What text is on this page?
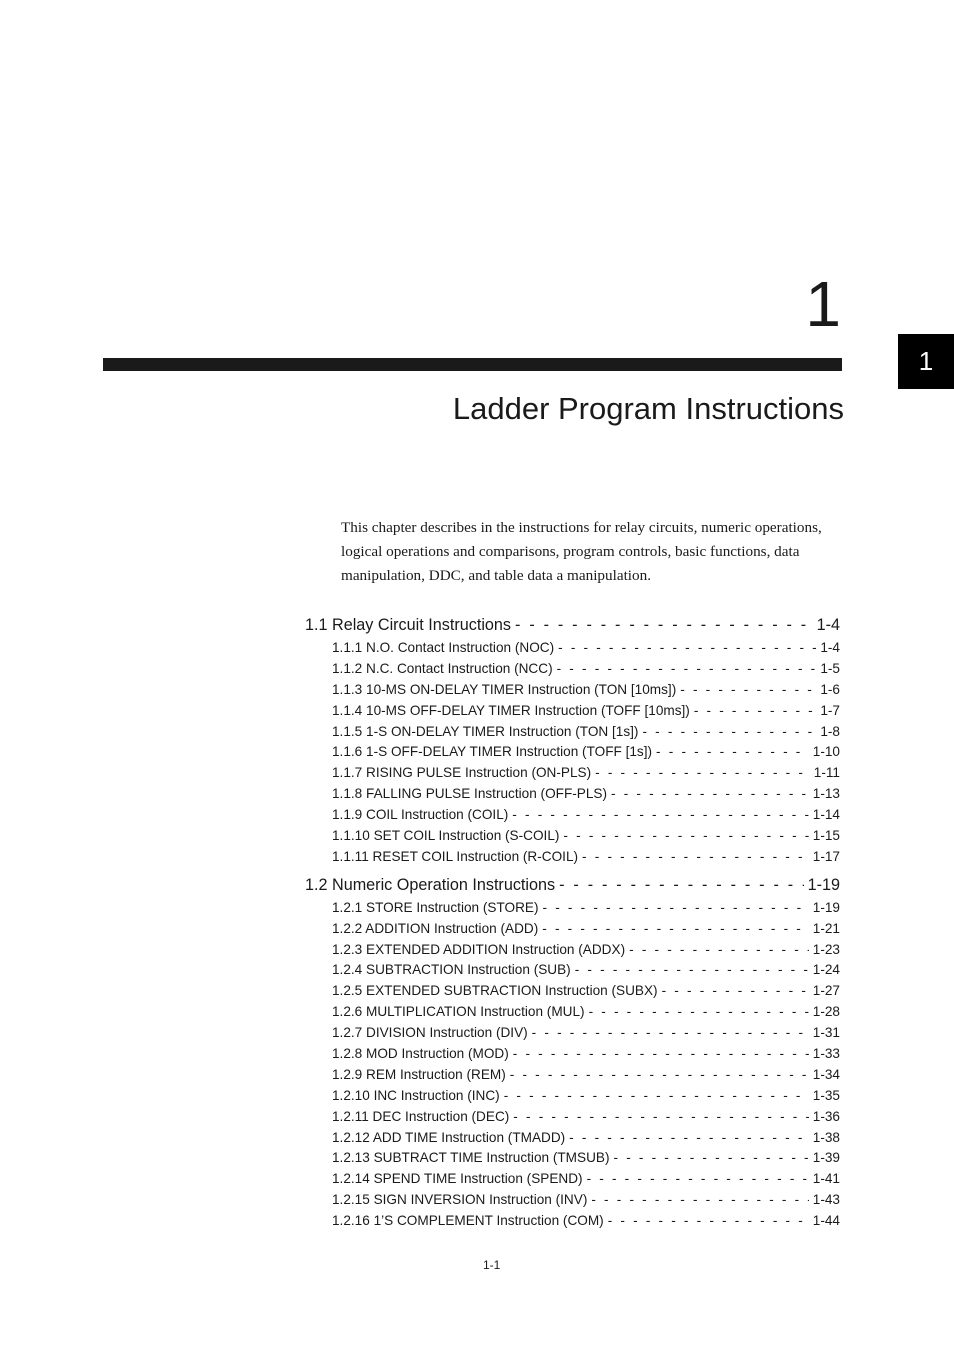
1
1
Ladder Program Instructions
This chapter describes in the instructions for relay circuits, numeric operations, logical operations and comparisons, program controls, basic functions, data manipulation, DDC, and table data a manipulation.
1.1 Relay Circuit Instructions - - -	1-4
1.1.1 N.O. Contact Instruction (NOC) - - -	1-4
1.1.2 N.C. Contact Instruction (NCC) - - -	1-5
1.1.3 10-MS ON-DELAY TIMER Instruction (TON [10ms]) - - -	1-6
1.1.4 10-MS OFF-DELAY TIMER Instruction (TOFF [10ms]) - - -	1-7
1.1.5 1-S ON-DELAY TIMER Instruction (TON [1s]) - - -	1-8
1.1.6 1-S OFF-DELAY TIMER Instruction (TOFF [1s]) - - -	1-10
1.1.7 RISING PULSE Instruction (ON-PLS) - - -	1-11
1.1.8 FALLING PULSE Instruction (OFF-PLS) - - -	1-13
1.1.9 COIL Instruction (COIL) - - -	1-14
1.1.10 SET COIL Instruction (S-COIL) - - -	1-15
1.1.11 RESET COIL Instruction (R-COIL) - - -	1-17
1.2 Numeric Operation Instructions - - -	1-19
1.2.1 STORE Instruction (STORE) - - -	1-19
1.2.2 ADDITION Instruction (ADD) - - -	1-21
1.2.3 EXTENDED ADDITION Instruction (ADDX) - - -	1-23
1.2.4 SUBTRACTION Instruction (SUB) - - -	1-24
1.2.5 EXTENDED SUBTRACTION Instruction (SUBX) - - -	1-27
1.2.6 MULTIPLICATION Instruction (MUL) - - -	1-28
1.2.7 DIVISION Instruction (DIV) - - -	1-31
1.2.8 MOD Instruction (MOD) - - -	1-33
1.2.9 REM Instruction (REM) - - -	1-34
1.2.10 INC Instruction (INC) - - -	1-35
1.2.11 DEC Instruction (DEC) - - -	1-36
1.2.12 ADD TIME Instruction (TMADD) - - -	1-38
1.2.13 SUBTRACT TIME Instruction (TMSUB) - - -	1-39
1.2.14 SPEND TIME Instruction (SPEND) - - -	1-41
1.2.15 SIGN INVERSION Instruction (INV) - - -	1-43
1.2.16 1’S COMPLEMENT Instruction (COM) - - -	1-44
1-1
